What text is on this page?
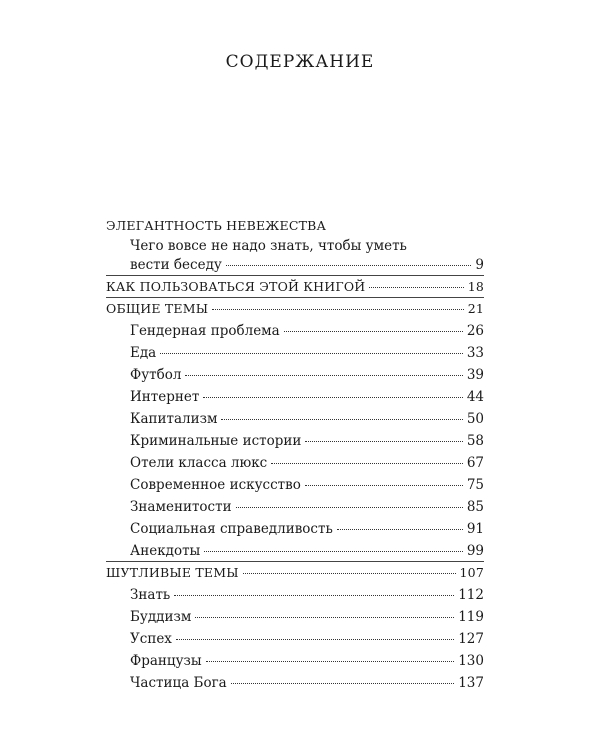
СОДЕРЖАНИЕ
ЭЛЕГАНТНОСТЬ НЕВЕЖЕСТВА
Чего вовсе не надо знать, чтобы уметь
вести беседу	9
КАК ПОЛЬЗОВАТЬСЯ ЭТОЙ КНИГОЙ	18
ОБЩИЕ ТЕМЫ	21
Гендерная проблема	26
Еда	33
Футбол	39
Интернет	44
Капитализм	50
Криминальные истории	58
Отели класса люкс	67
Современное искусство	75
Знаменитости	85
Социальная справедливость	91
Анекдоты	99
ШУТЛИВЫЕ ТЕМЫ	107
Знать	112
Буддизм	119
Успех	127
Французы	130
Частица Бога	137
